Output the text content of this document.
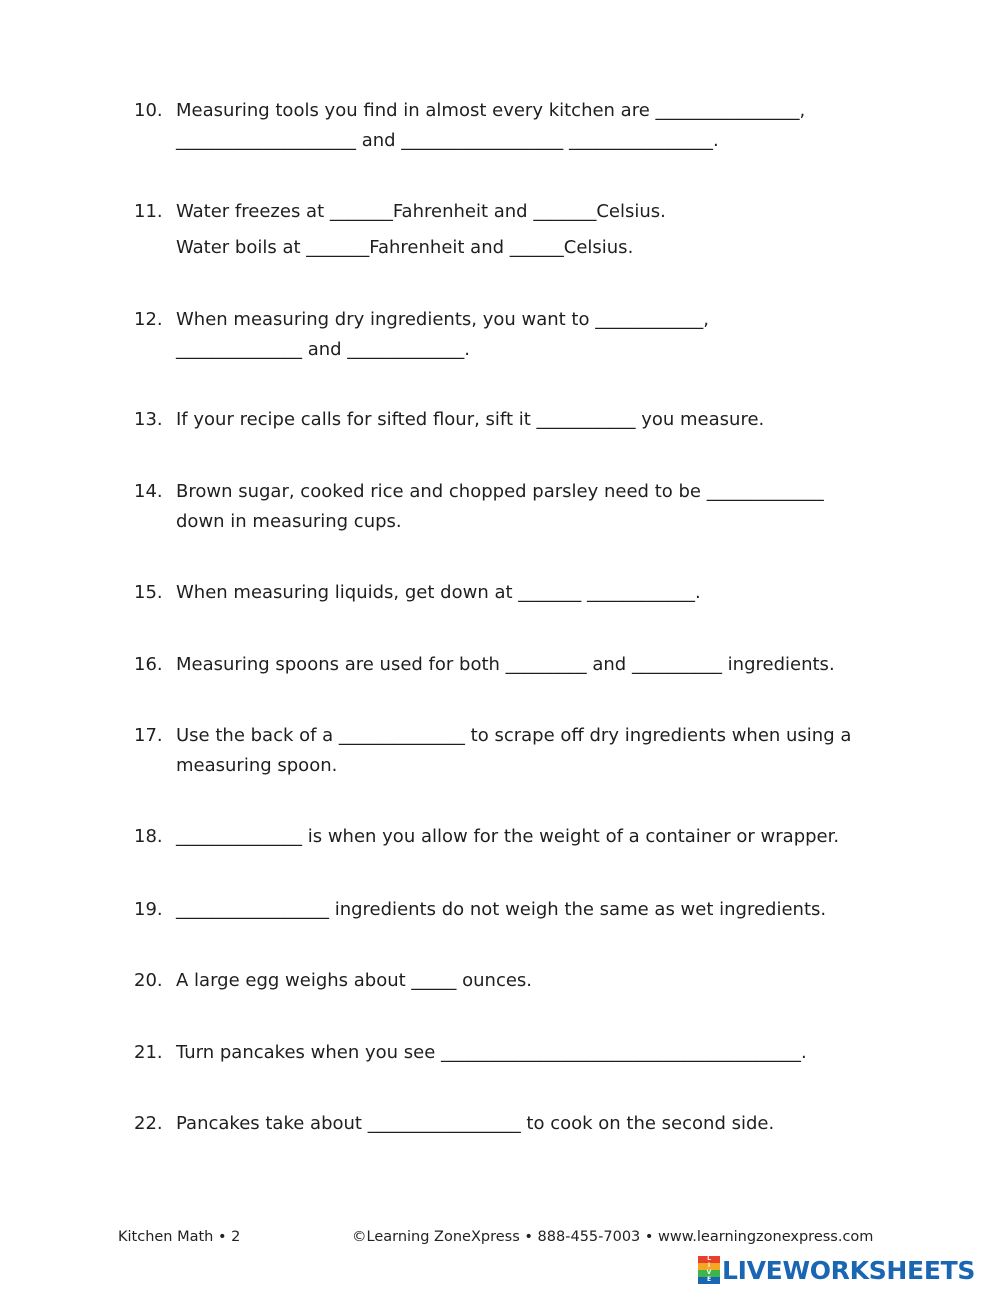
10. Measuring tools you find in almost every kitchen are ________________,
____________________ and __________________ ________________.
11. Water freezes at _______Fahrenheit and _______Celsius.
Water boils at _______Fahrenheit and ______Celsius.
12. When measuring dry ingredients, you want to ____________,
______________ and _____________.
13. If your recipe calls for sifted flour, sift it ___________ you measure.
14. Brown sugar, cooked rice and chopped parsley need to be _____________
down in measuring cups.
15. When measuring liquids, get down at _______ ____________.
16. Measuring spoons are used for both _________ and __________ ingredients.
17. Use the back of a ______________ to scrape off dry ingredients when using a
measuring spoon.
18. ______________ is when you allow for the weight of a container or wrapper.
19. _________________ ingredients do not weigh the same as wet ingredients.
20. A large egg weighs about _____ ounces.
21. Turn pancakes when you see ________________________________________.
22. Pancakes take about _________________ to cook on the second side.
Kitchen Math • 2	©Learning ZoneXpress • 888-455-7003 • www.learningzonexpress.com
L
I
V
E LIVEWORKSHEETS
